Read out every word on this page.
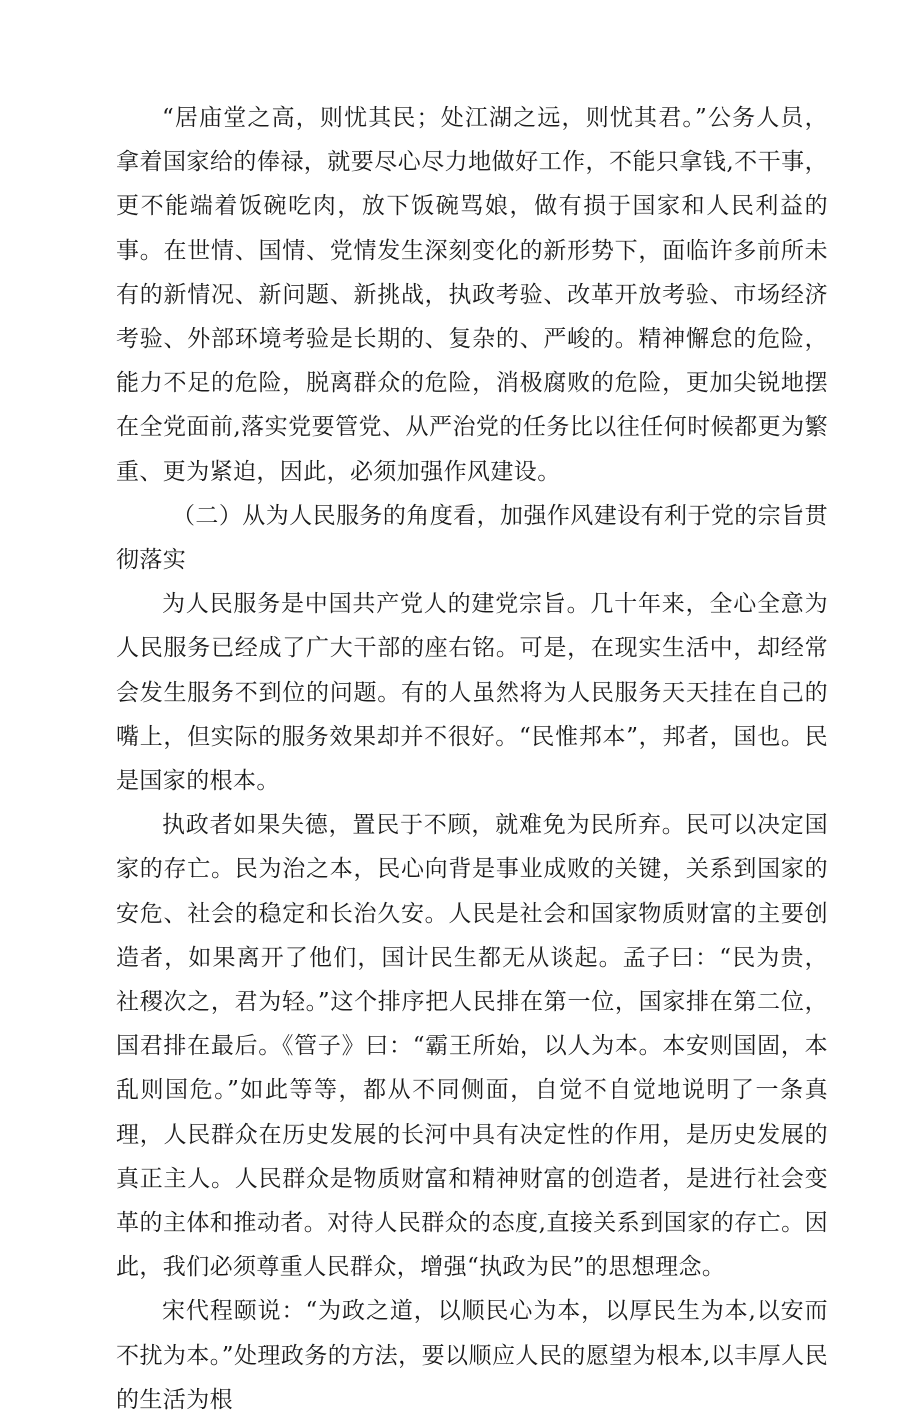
“居庙堂之高，则忧其民；处江湖之远，则忧其君。”公务人员，拿着国家给的俸禄，就要尽心尽力地做好工作，不能只拿钱,不干事，更不能端着饭碗吃肉，放下饭碗骂娘，做有损于国家和人民利益的事。在世情、国情、党情发生深刻变化的新形势下，面临许多前所未有的新情况、新问题、新挑战，执政考验、改革开放考验、市场经济考验、外部环境考验是长期的、复杂的、严峻的。精神懈怠的危险，能力不足的危险，脱离群众的危险，消极腐败的危险，更加尖锐地摆在全党面前,落实党要管党、从严治党的任务比以往任何时候都更为繁重、更为紧迫，因此，必须加强作风建设。

（二）从为人民服务的角度看，加强作风建设有利于党的宗旨贯彻落实

为人民服务是中国共产党人的建党宗旨。几十年来，全心全意为人民服务已经成了广大干部的座右铭。可是，在现实生活中，却经常会发生服务不到位的问题。有的人虽然将为人民服务天天挂在自己的嘴上，但实际的服务效果却并不很好。“民惟邦本”，邦者，国也。民是国家的根本。

执政者如果失德，置民于不顾，就难免为民所弃。民可以决定国家的存亡。民为治之本，民心向背是事业成败的关键，关系到国家的安危、社会的稳定和长治久安。人民是社会和国家物质财富的主要创造者，如果离开了他们，国计民生都无从谈起。孟子曰：“民为贵，社稷次之，君为轻。”这个排序把人民排在第一位，国家排在第二位，国君排在最后。《管子》曰：“霸王所始，以人为本。本安则国固，本乱则国危。”如此等等，都从不同侧面，自觉不自觉地说明了一条真理，人民群众在历史发展的长河中具有决定性的作用，是历史发展的真正主人。人民群众是物质财富和精神财富的创造者，是进行社会变革的主体和推动者。对待人民群众的态度,直接关系到国家的存亡。因此，我们必须尊重人民群众，增强“执政为民”的思想理念。

宋代程颐说：“为政之道，以顺民心为本，以厚民生为本,以安而不扰为本。”处理政务的方法，要以顺应人民的愿望为根本,以丰厚人民的生活为根
